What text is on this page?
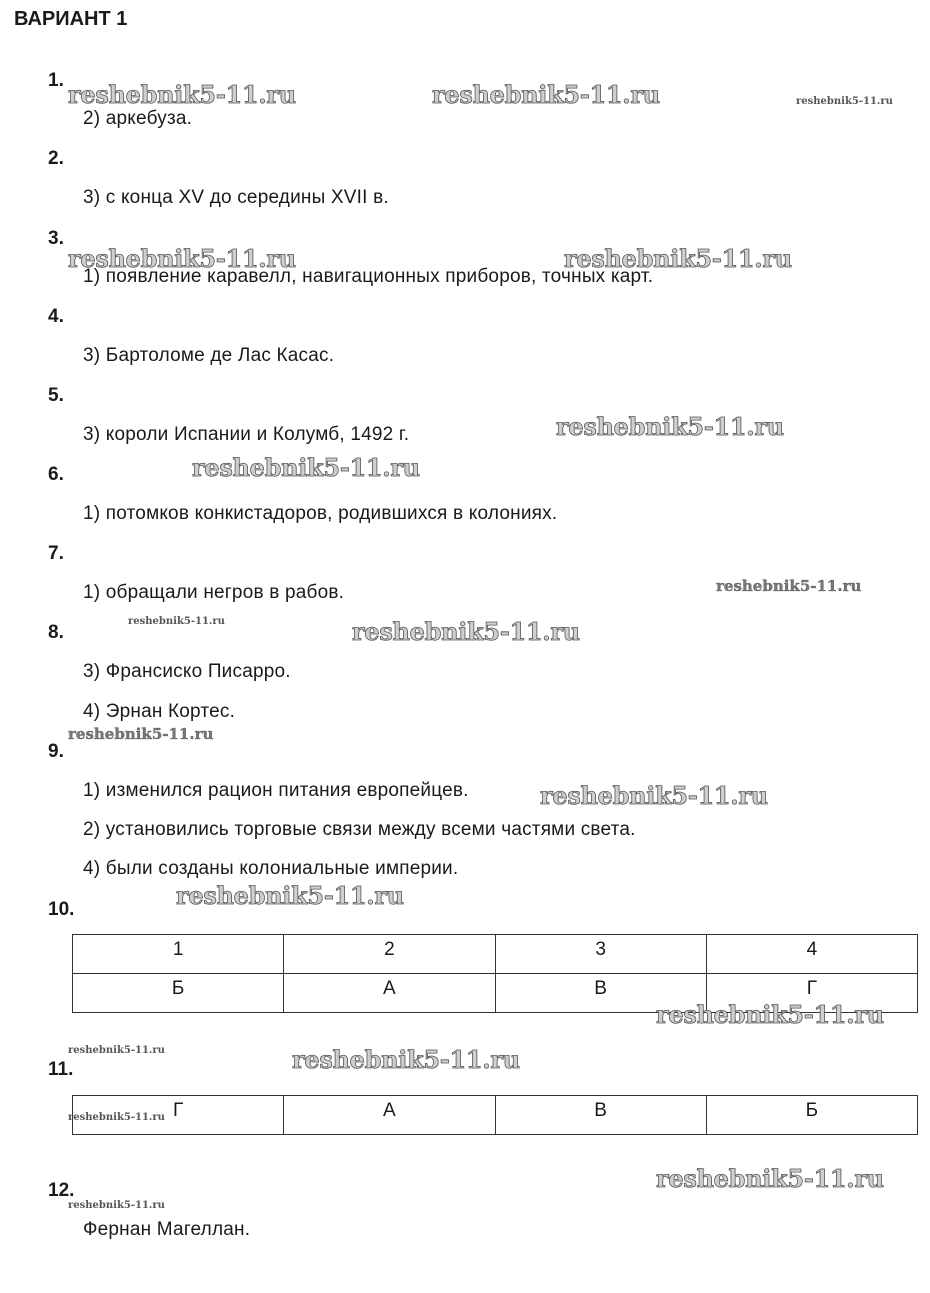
ВАРИАНТ 1
1.
2) аркебуза.
2.
3) с конца XV до середины XVII в.
3.
1) появление каравелл, навигационных приборов, точных карт.
4.
3) Бартоломе де Лас Касас.
5.
3) короли Испании и Колумб, 1492 г.
6.
1) потомков конкистадоров, родившихся в колониях.
7.
1) обращали негров в рабов.
8.
3) Франсиско Писарро.
4) Эрнан Кортес.
9.
1) изменился рацион питания европейцев.
2) установились торговые связи между всеми частями света.
4) были созданы колониальные империи.
10.
1	2	3	4
Б	А	В	Г
11.
Г	А	В	Б
12.
Фернан Магеллан.
reshebnik5-11.ru	reshebnik5-11.ru	reshebnik5-11.ru
reshebnik5-11.ru	reshebnik5-11.ru
reshebnik5-11.ru
reshebnik5-11.ru
reshebnik5-11.ru
reshebnik5-11.ru	reshebnik5-11.ru
reshebnik5-11.ru
reshebnik5-11.ru
reshebnik5-11.ru
reshebnik5-11.ru
reshebnik5-11.ru	reshebnik5-11.ru
reshebnik5-11.ru
reshebnik5-11.ru
reshebnik5-11.ru
